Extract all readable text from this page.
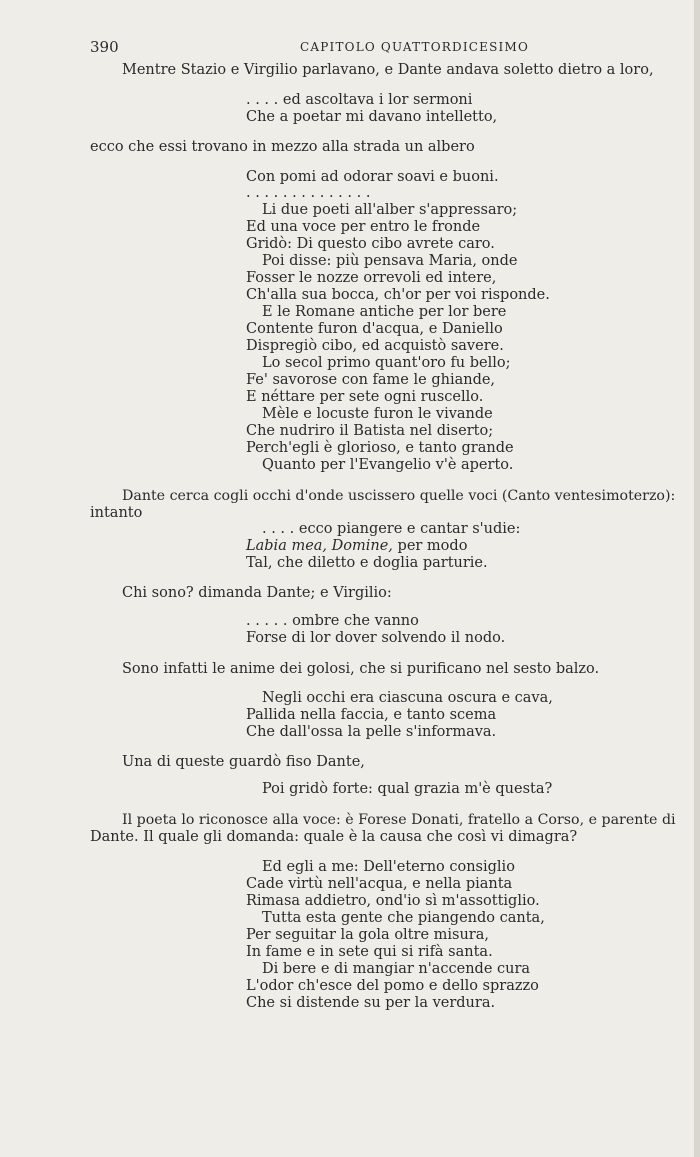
390	CAPITOLO QUATTORDICESIMO
Mentre Stazio e Virgilio parlavano, e Dante andava soletto dietro a loro,
. . . . ed ascoltava i lor sermoni
Che a poetar mi davano intelletto,
ecco che essi trovano in mezzo alla strada un albero
Con pomi ad odorar soavi e buoni.
. . . . . . . . . . . . . .
Li due poeti all'alber s'appressaro;
Ed una voce per entro le fronde
Gridò: Di questo cibo avrete caro.
Poi disse: più pensava Maria, onde
Fosser le nozze orrevoli ed intere,
Ch'alla sua bocca, ch'or per voi risponde.
E le Romane antiche per lor bere
Contente furon d'acqua, e Daniello
Dispregiò cibo, ed acquistò savere.
Lo secol primo quant'oro fu bello;
Fe' savorose con fame le ghiande,
E néttare per sete ogni ruscello.
Mèle e locuste furon le vivande
Che nudrirо il Batista nel diserto;
Perch'egli è glorioso, e tanto grande
Quanto per l'Evangelio v'è aperto.
Dante cerca cogli occhi d'onde uscissero quelle voci (Canto ventesimoterzo):
intanto
. . . . ecco piangere e cantar s'udie:
Labia mea, Domine, per modo
Tal, che diletto e doglia parturie.
Chi sono? dimanda Dante; e Virgilio:
. . . . . ombre che vanno
Forse di lor dover solvendo il nodo.
Sono infatti le anime dei golosi, che si purificano nel sesto balzo.
Negli occhi era ciascuna oscura e cava,
Pallida nella faccia, e tanto scema
Che dall'ossa la pelle s'informava.
Una di queste guardò fiso Dante,
Poi gridò forte: qual grazia m'è questa?
Il poeta lo riconosce alla voce: è Forese Donati, fratello a Corso, e parente di
Dante. Il quale gli domanda: quale è la causa che così vi dimagra?
Ed egli a me: Dell'eterno consiglio
Cade virtù nell'acqua, e nella pianta
Rimasa addietro, ond'io sì m'assottiglio.
Tutta esta gente che piangendo canta,
Per seguitar la gola oltre misura,
In fame e in sete qui si rifà santa.
Di bere e di mangiar n'accende cura
L'odor ch'esce del pomo e dello sprazzo
Che si distende su per la verdura.
